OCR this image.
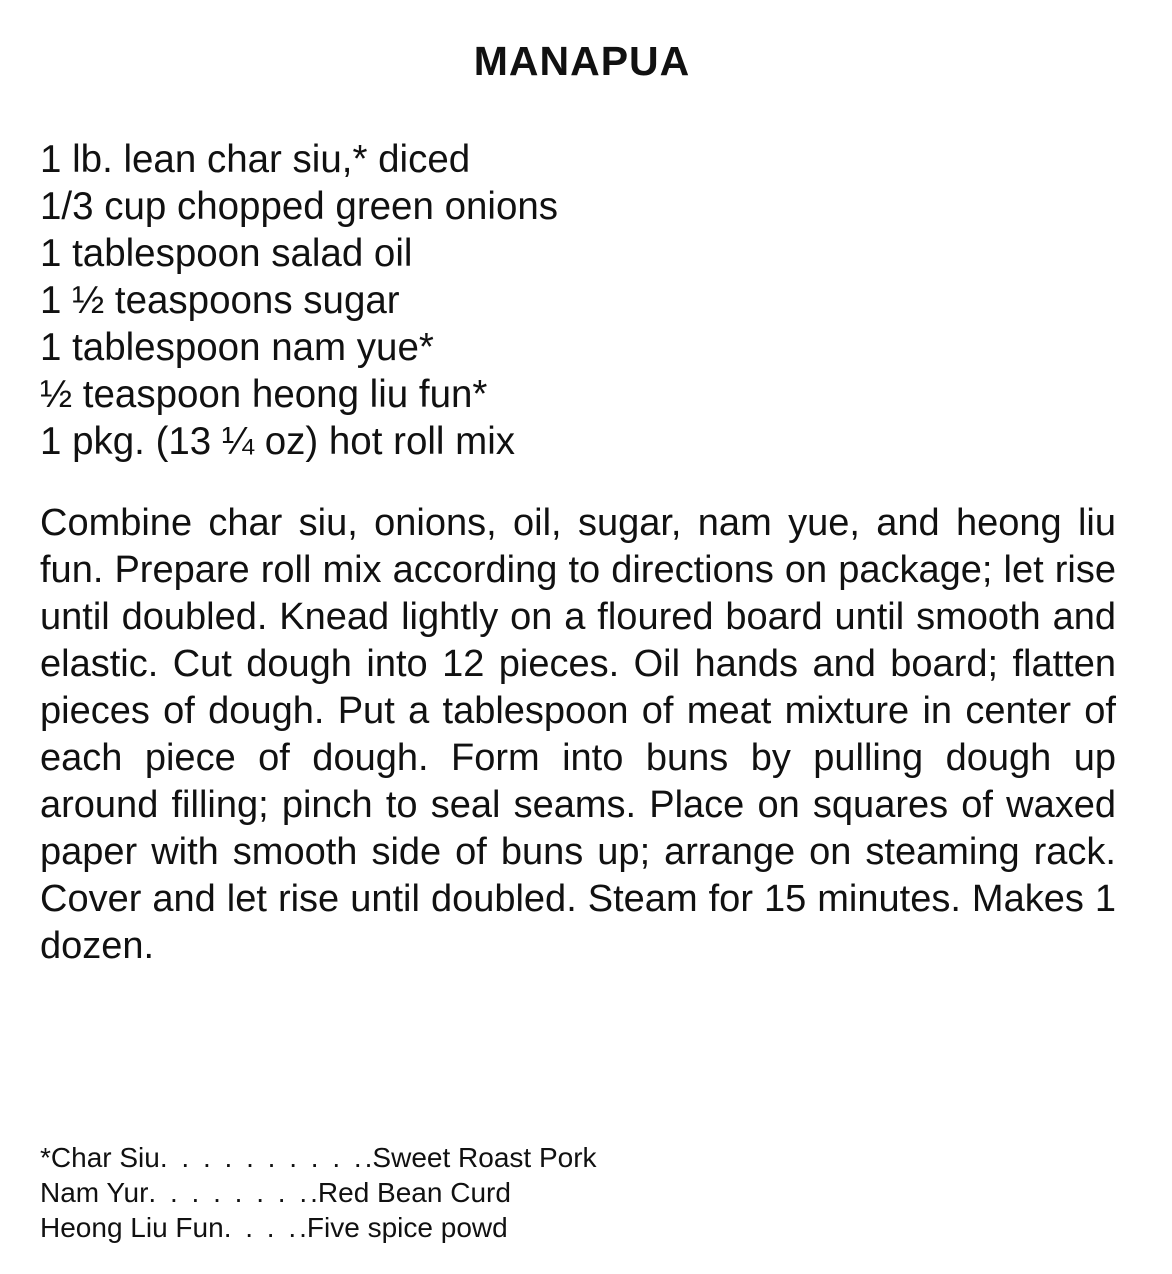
MANAPUA
1 lb. lean char siu,* diced
1/3 cup chopped green onions
1 tablespoon salad oil
1 ½ teaspoons sugar
1 tablespoon nam yue*
½ teaspoon heong liu fun*
1 pkg. (13 ¼ oz) hot roll mix

Combine char siu, onions, oil, sugar, nam yue, and heong liu fun. Prepare roll mix according to directions on package; let rise until doubled. Knead lightly on a floured board until smooth and elastic. Cut dough into 12 pieces. Oil hands and board; flatten pieces of dough. Put a tablespoon of meat mixture in center of each piece of dough. Form into buns by pulling dough up around filling; pinch to seal seams. Place on squares of waxed paper with smooth side of buns up; arrange on steaming rack. Cover and let rise until doubled. Steam for 15 minutes. Makes 1 dozen.

*Char Siu. . . . . . . . . ..Sweet Roast Pork
Nam Yur. . . . . . . ..Red Bean Curd
Heong Liu Fun. . . ..Five spice powd
